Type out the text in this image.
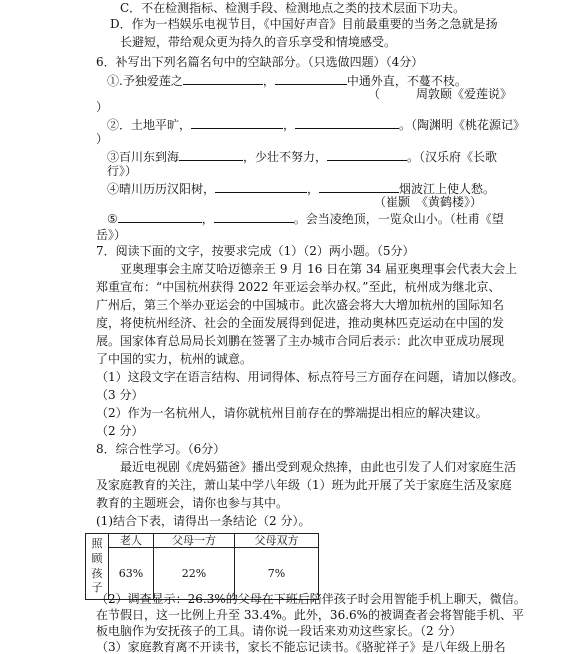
C．不在检测指标、检测手段、检测地点之类的技术层面下功夫。
D．作为一档娱乐电视节目，《中国好声音》目前最重要的当务之急就是扬
长避短，带给观众更为持久的音乐享受和情境感受。
6．补写出下列名篇名句中的空缺部分。（只选做四题）（4分）
①.予独爱莲之	，	中通外直，不蔓不枝。
（　　　周敦颐《爱莲说》
）
②．土地平旷，	，	。（陶渊明《桃花源记》
）
③百川东到海	，少壮不努力，	。（汉乐府《长歌
行》）
④晴川历历汉阳树，	，	烟波江上使人愁。
（崔颢　《黄鹤楼》）
⑤	，	。会当凌绝顶，一览众山小。（杜甫《望
岳》）
7．阅读下面的文字，按要求完成（1）（2）两小题。（5分）
亚奥理事会主席艾哈迈德亲王 9 月 16 日在第 34 届亚奥理事会代表大会上
郑重宣布：“中国杭州获得 2022 年亚运会举办权。”至此，杭州成为继北京、
广州后，第三个举办亚运会的中国城市。此次盛会将大大增加杭州的国际知名
度，将使杭州经济、社会的全面发展得到促进，推动奥林匹克运动在中国的发
展。国家体育总局局长刘鹏在签署了主办城市合同后表示：此次申亚成功展现
了中国的实力，杭州的诚意。
（1）这段文字在语言结构、用词得体、标点符号三方面存在问题，请加以修改。
（3 分）
（2）作为一名杭州人，请你就杭州目前存在的弊端提出相应的解决建议。
（2 分）
8．综合性学习。（6分）
最近电视剧《虎妈猫爸》播出受到观众热捧，由此也引发了人们对家庭生活
及家庭教育的关注，萧山某中学八年级（1）班为此开展了关于家庭生活及家庭
教育的主题班会，请你也参与其中。
(1)结合下表，请得出一条结论（2 分）。
照
顾
孩
子	老人	父母一方	父母双方
	63%	22%	7%
（2）调查显示：26.3%的父母在下班后陪伴孩子时会用智能手机上聊天，微信。
在节假日，这一比例上升至 33.4%。此外，36.6%的被调查者会将智能手机、平
板电脑作为安抚孩子的工具。请你说一段话来劝劝这些家长。（2 分）
（3）家庭教育离不开读书，家长不能忘记读书。《骆驼祥子》是八年级上册名
